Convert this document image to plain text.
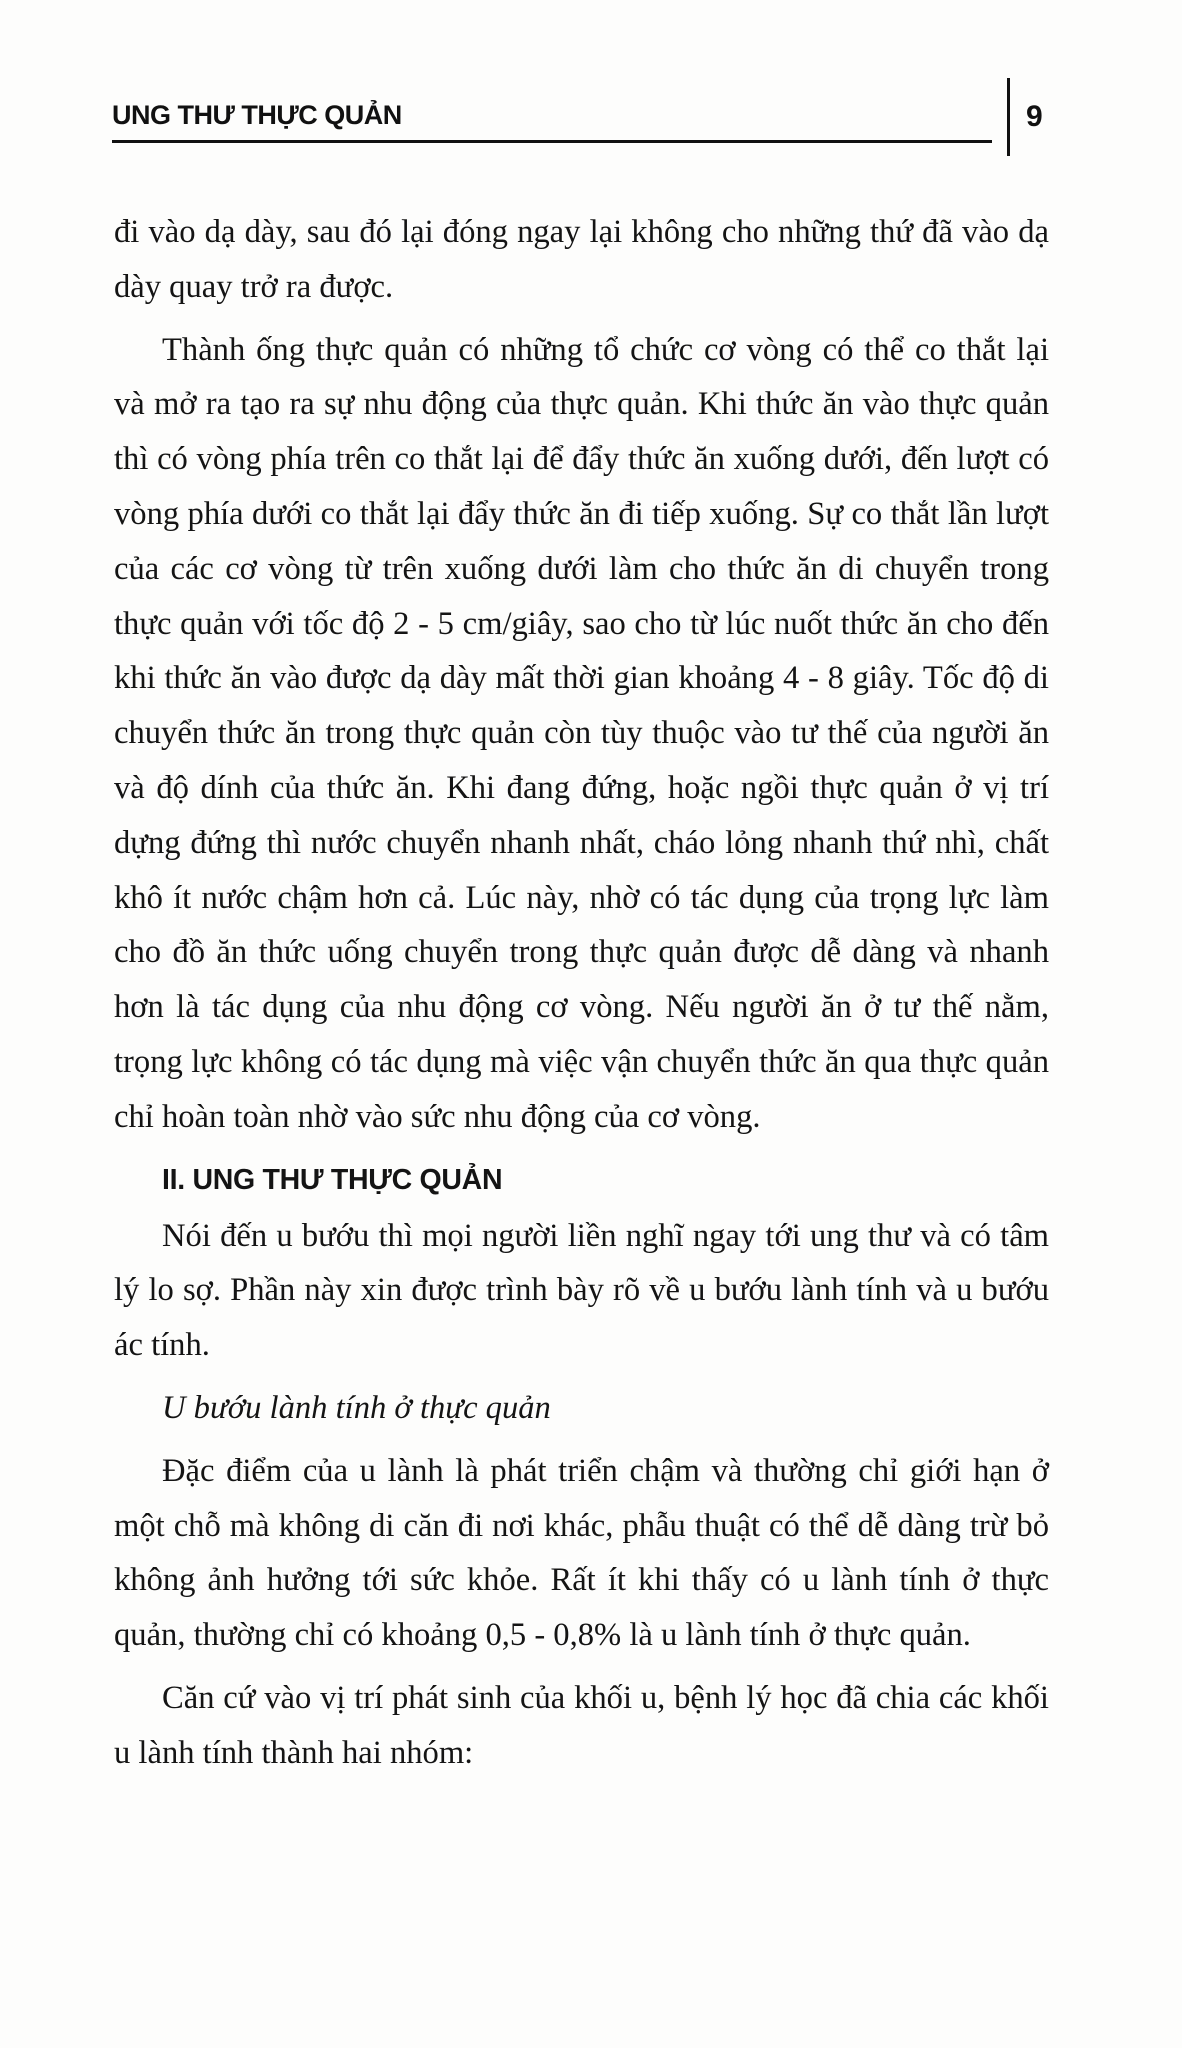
UNG THƯ THỰC QUẢN	9

đi vào dạ dày, sau đó lại đóng ngay lại không cho những thứ đã vào dạ dày quay trở ra được.

Thành ống thực quản có những tổ chức cơ vòng có thể co thắt lại và mở ra tạo ra sự nhu động của thực quản. Khi thức ăn vào thực quản thì có vòng phía trên co thắt lại để đẩy thức ăn xuống dưới, đến lượt có vòng phía dưới co thắt lại đẩy thức ăn đi tiếp xuống. Sự co thắt lần lượt của các cơ vòng từ trên xuống dưới làm cho thức ăn di chuyển trong thực quản với tốc độ 2 - 5 cm/giây, sao cho từ lúc nuốt thức ăn cho đến khi thức ăn vào được dạ dày mất thời gian khoảng 4 - 8 giây. Tốc độ di chuyển thức ăn trong thực quản còn tùy thuộc vào tư thế của người ăn và độ dính của thức ăn. Khi đang đứng, hoặc ngồi thực quản ở vị trí dựng đứng thì nước chuyển nhanh nhất, cháo lỏng nhanh thứ nhì, chất khô ít nước chậm hơn cả. Lúc này, nhờ có tác dụng của trọng lực làm cho đồ ăn thức uống chuyển trong thực quản được dễ dàng và nhanh hơn là tác dụng của nhu động cơ vòng. Nếu người ăn ở tư thế nằm, trọng lực không có tác dụng mà việc vận chuyển thức ăn qua thực quản chỉ hoàn toàn nhờ vào sức nhu động của cơ vòng.

II. UNG THƯ THỰC QUẢN

Nói đến u bướu thì mọi người liền nghĩ ngay tới ung thư và có tâm lý lo sợ. Phần này xin được trình bày rõ về u bướu lành tính và u bướu ác tính.

U bướu lành tính ở thực quản

Đặc điểm của u lành là phát triển chậm và thường chỉ giới hạn ở một chỗ mà không di căn đi nơi khác, phẫu thuật có thể dễ dàng trừ bỏ không ảnh hưởng tới sức khỏe. Rất ít khi thấy có u lành tính ở thực quản, thường chỉ có khoảng 0,5 - 0,8% là u lành tính ở thực quản.

Căn cứ vào vị trí phát sinh của khối u, bệnh lý học đã chia các khối u lành tính thành hai nhóm:
